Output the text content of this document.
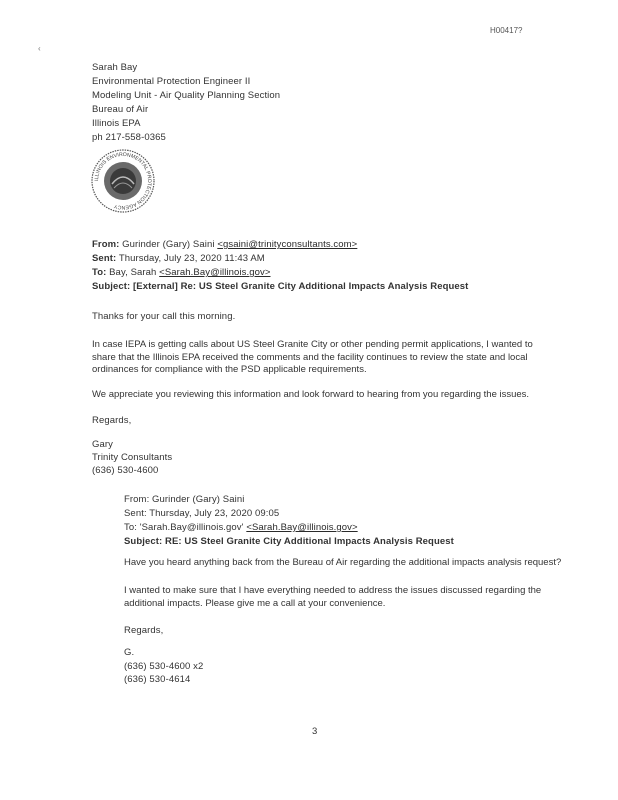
H00417?
‹
Sarah Bay
Environmental Protection Engineer II
Modeling Unit - Air Quality Planning Section
Bureau of Air
Illinois EPA
ph 217-558-0365
ILLINOIS ENVIRONMENTAL PROTECTION AGENCY
From: Gurinder (Gary) Saini <gsaini@trinityconsultants.com>
Sent: Thursday, July 23, 2020 11:43 AM
To: Bay, Sarah <Sarah.Bay@illinois.gov>
Subject: [External] Re: US Steel Granite City Additional Impacts Analysis Request
Thanks for your call this morning.
In case IEPA is getting calls about US Steel Granite City or other pending permit applications, I wanted to share that the Illinois EPA received the comments and the facility continues to review the state and local ordinances for compliance with the PSD applicable requirements.
We appreciate you reviewing this information and look forward to hearing from you regarding the issues.
Regards,
Gary
Trinity Consultants
(636) 530-4600
From: Gurinder (Gary) Saini
Sent: Thursday, July 23, 2020 09:05
To: 'Sarah.Bay@illinois.gov' <Sarah.Bay@illinois.gov>
Subject: RE: US Steel Granite City Additional Impacts Analysis Request
Have you heard anything back from the Bureau of Air regarding the additional impacts analysis request?
I wanted to make sure that I have everything needed to address the issues discussed regarding the additional impacts. Please give me a call at your convenience.
Regards,
G.
(636) 530-4600 x2
(636) 530-4614
3
